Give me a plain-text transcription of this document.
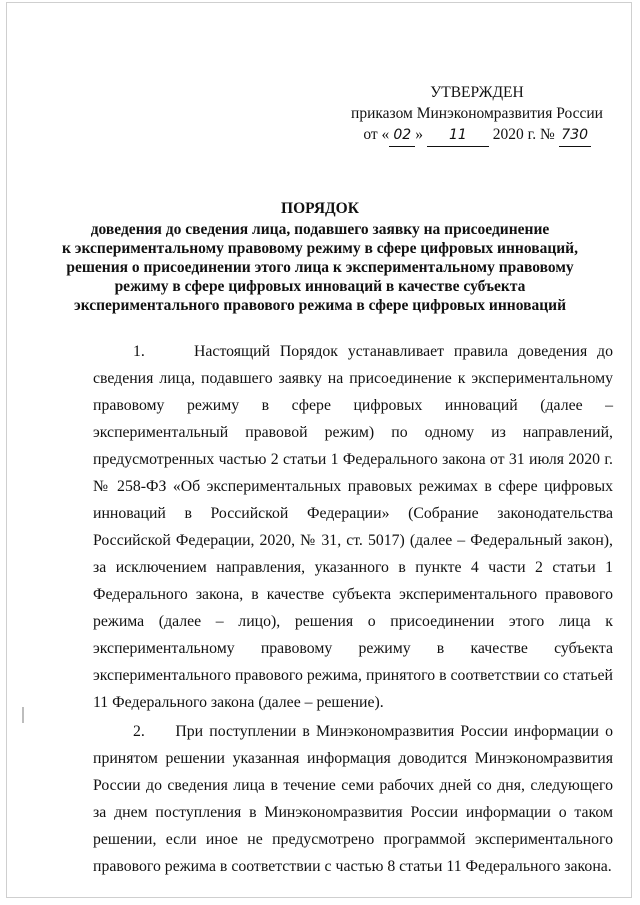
УТВЕРЖДЕН
приказом Минэкономразвития России
от « 02 » 11 2020 г. № 730
ПОРЯДОК
доведения до сведения лица, подавшего заявку на присоединение
к экспериментальному правовому режиму в сфере цифровых инноваций,
решения о присоединении этого лица к экспериментальному правовому
режиму в сфере цифровых инноваций в качестве субъекта
экспериментального правового режима в сфере цифровых инноваций

1.     Настоящий Порядок устанавливает правила доведения до сведения лица, подавшего заявку на присоединение к экспериментальному правовому режиму в сфере цифровых инноваций (далее – экспериментальный правовой режим) по одному из направлений, предусмотренных частью 2 статьи 1 Федерального закона от 31 июля 2020 г. № 258-ФЗ «Об экспериментальных правовых режимах в сфере цифровых инноваций в Российской Федерации» (Собрание законодательства Российской Федерации, 2020, № 31, ст. 5017) (далее – Федеральный закон), за исключением направления, указанного в пункте 4 части 2 статьи 1 Федерального закона, в качестве субъекта экспериментального правового режима (далее – лицо), решения о присоединении этого лица к экспериментальному правовому режиму в качестве субъекта экспериментального правового режима, принятого в соответствии со статьей 11 Федерального закона (далее – решение).

2.     При поступлении в Минэкономразвития России информации о принятом решении указанная информация доводится Минэкономразвития России до сведения лица в течение семи рабочих дней со дня, следующего за днем поступления в Минэкономразвития России информации о таком решении, если иное не предусмотрено программой экспериментального правового режима в соответствии с частью 8 статьи 11 Федерального закона.
